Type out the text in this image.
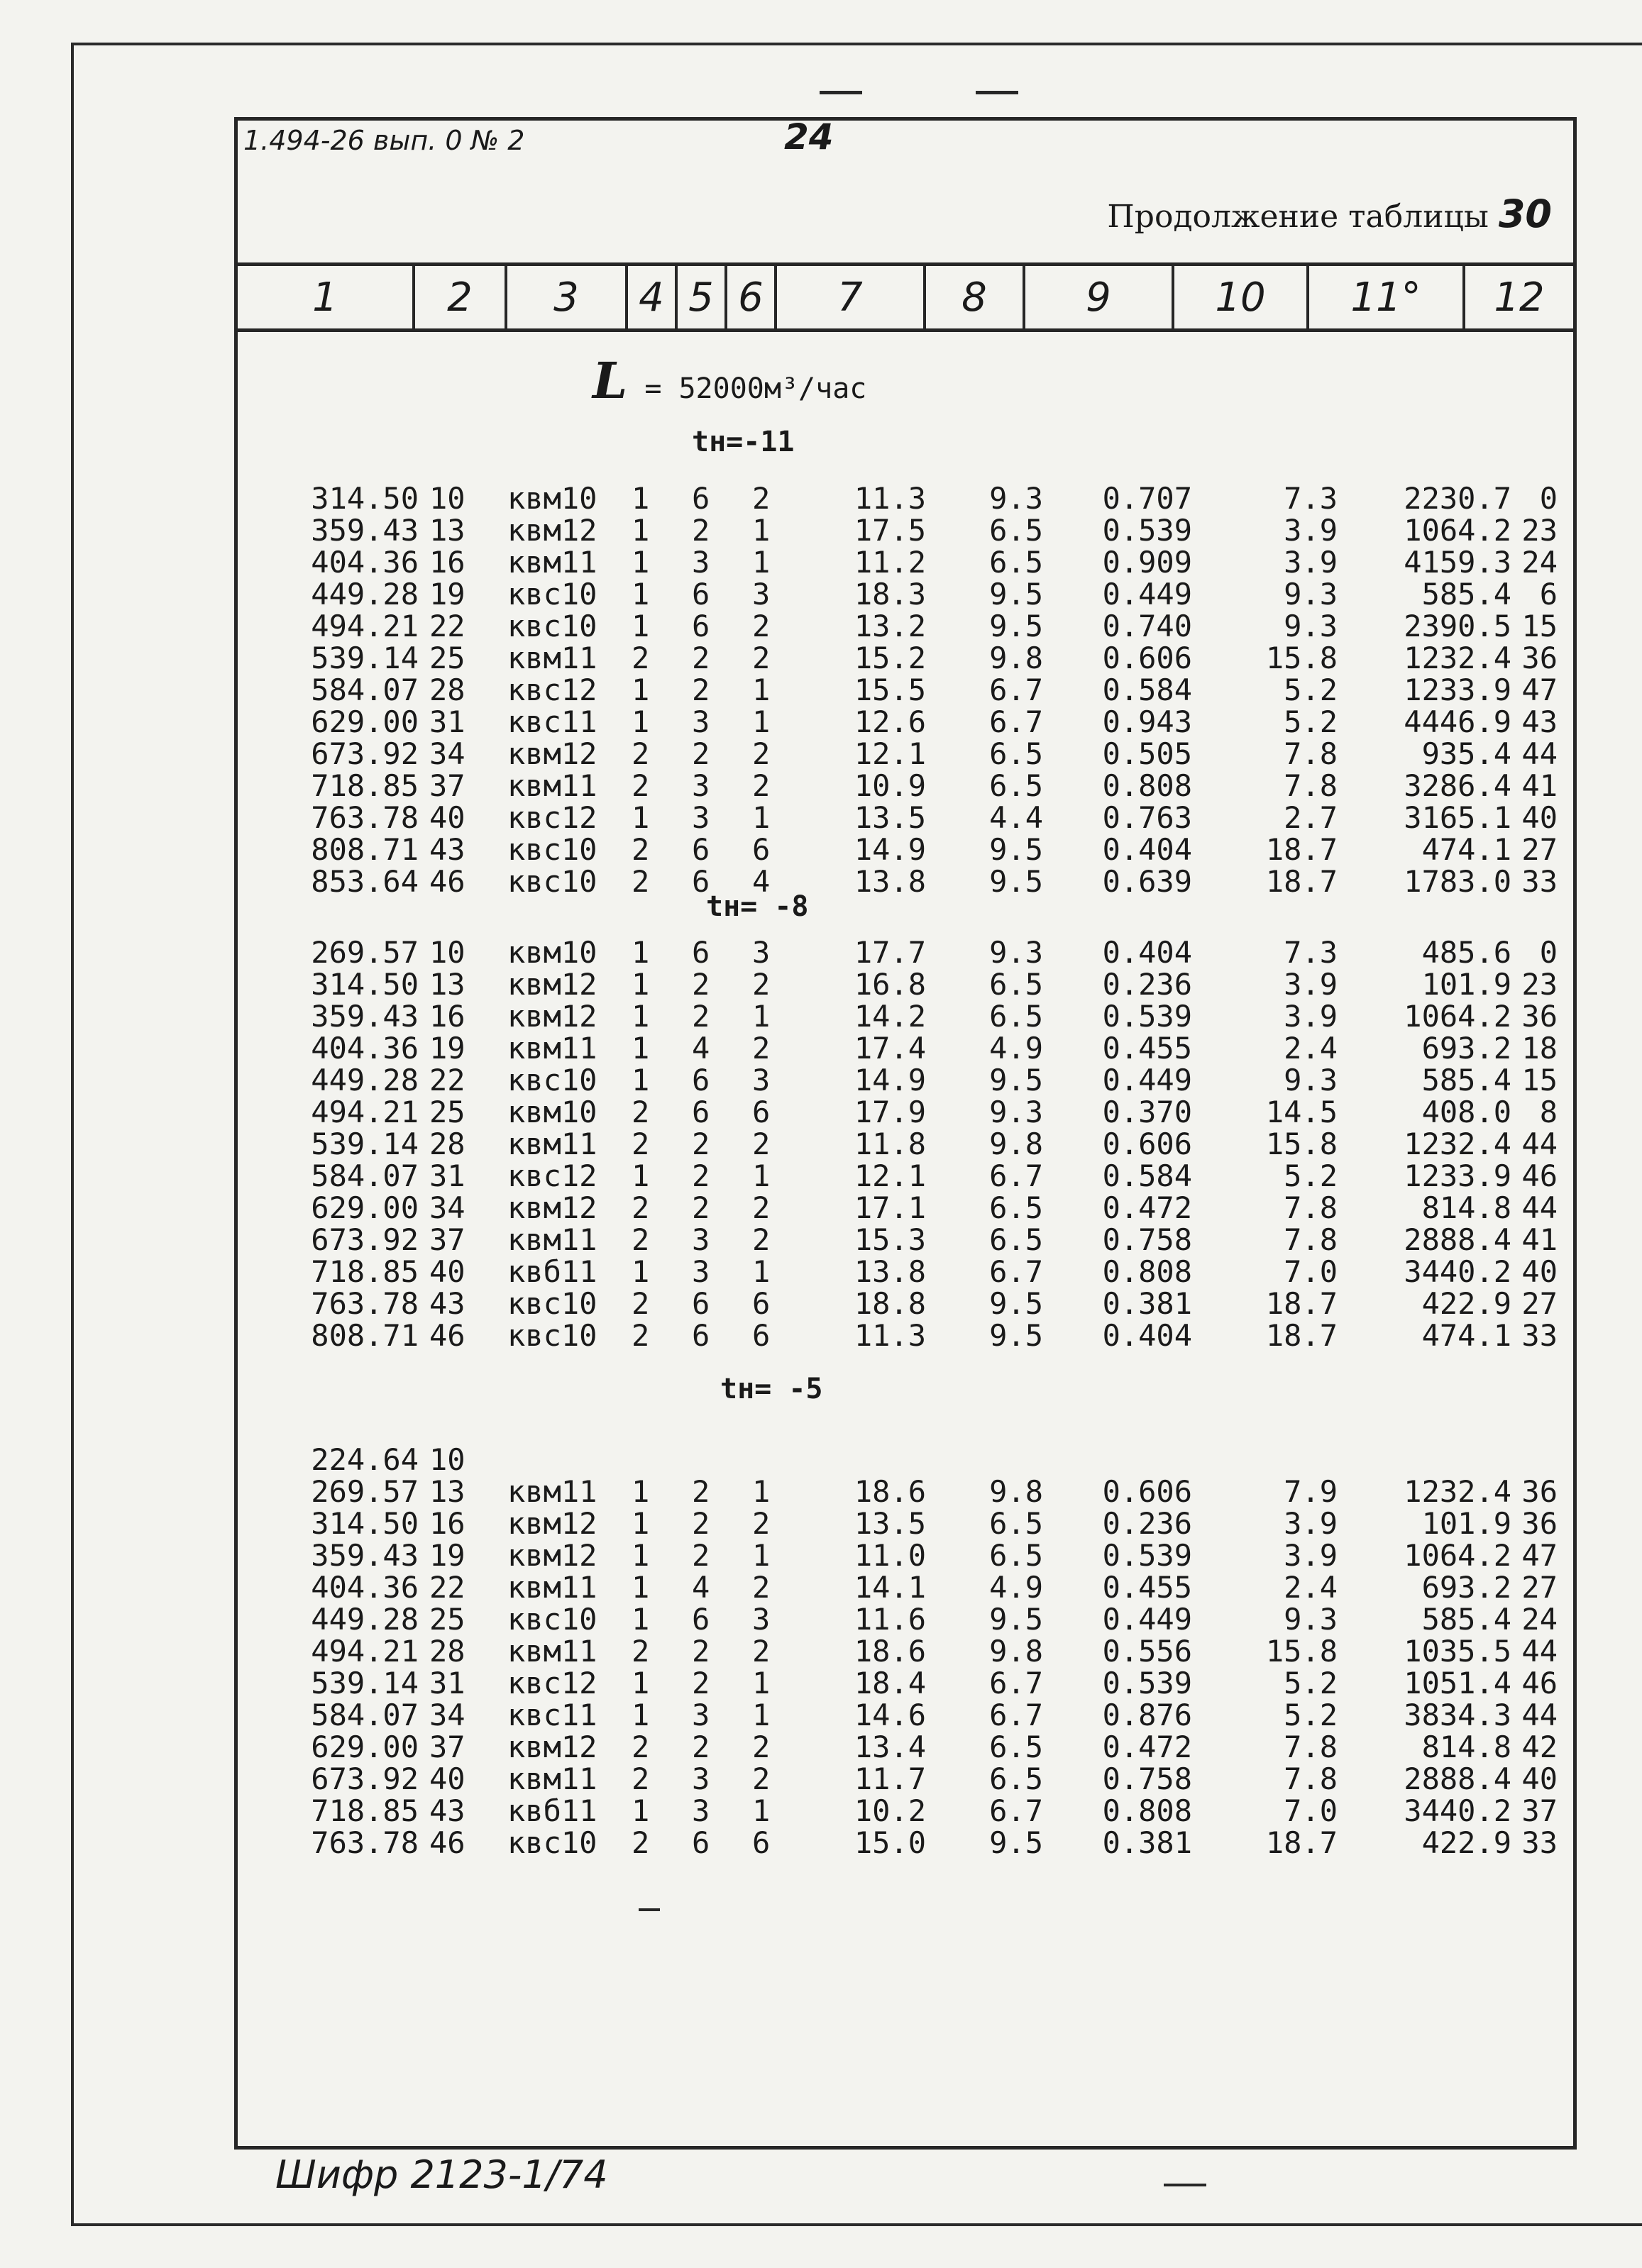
1.494-26 вып. 0 № 2	24
Продолжение таблицы 30
1	2	3	4 5 6	7	8	9	10	11°	12
L = 52000м³/час
tн=-11
314.50 10 квм10 1 6 2	11.3	9.3	0.707	7.3	2230.7 0
359.43 13 квм12 1 2 1	17.5	6.5	0.539	3.9	1064.2 23
404.36 16 квм11 1 3 1	11.2	6.5	0.909	3.9	4159.3 24
449.28 19 квс10 1 6 3	18.3	9.5	0.449	9.3	585.4 6
494.21 22 квс10 1 6 2	13.2	9.5	0.740	9.3	2390.5 15
539.14 25 квм11 2 2 2	15.2	9.8	0.606	15.8	1232.4 36
584.07 28 квс12 1 2 1	15.5	6.7	0.584	5.2	1233.9 47
629.00 31 квс11 1 3 1	12.6	6.7	0.943	5.2	4446.9 43
673.92 34 квм12 2 2 2	12.1	6.5	0.505	7.8	935.4 44
718.85 37 квм11 2 3 2	10.9	6.5	0.808	7.8	3286.4 41
763.78 40 квс12 1 3 1	13.5	4.4	0.763	2.7	3165.1 40
808.71 43 квс10 2 6 6	14.9	9.5	0.404	18.7	474.1 27
853.64 46 квс10 2 6 4	13.8	9.5	0.639	18.7	1783.0 33
tн= -8
269.57 10 квм10 1 6 3	17.7	9.3	0.404	7.3	485.6 0
314.50 13 квм12 1 2 2	16.8	6.5	0.236	3.9	101.9 23
359.43 16 квм12 1 2 1	14.2	6.5	0.539	3.9	1064.2 36
404.36 19 квм11 1 4 2	17.4	4.9	0.455	2.4	693.2 18
449.28 22 квс10 1 6 3	14.9	9.5	0.449	9.3	585.4 15
494.21 25 квм10 2 6 6	17.9	9.3	0.370	14.5	408.0 8
539.14 28 квм11 2 2 2	11.8	9.8	0.606	15.8	1232.4 44
584.07 31 квс12 1 2 1	12.1	6.7	0.584	5.2	1233.9 46
629.00 34 квм12 2 2 2	17.1	6.5	0.472	7.8	814.8 44
673.92 37 квм11 2 3 2	15.3	6.5	0.758	7.8	2888.4 41
718.85 40 квб11 1 3 1	13.8	6.7	0.808	7.0	3440.2 40
763.78 43 квс10 2 6 6	18.8	9.5	0.381	18.7	422.9 27
808.71 46 квс10 2 6 6	11.3	9.5	0.404	18.7	474.1 33
tн= -5
224.64 10
269.57 13 квм11 1 2 1	18.6	9.8	0.606	7.9	1232.4 36
314.50 16 квм12 1 2 2	13.5	6.5	0.236	3.9	101.9 36
359.43 19 квм12 1 2 1	11.0	6.5	0.539	3.9	1064.2 47
404.36 22 квм11 1 4 2	14.1	4.9	0.455	2.4	693.2 27
449.28 25 квс10 1 6 3	11.6	9.5	0.449	9.3	585.4 24
494.21 28 квм11 2 2 2	18.6	9.8	0.556	15.8	1035.5 44
539.14 31 квс12 1 2 1	18.4	6.7	0.539	5.2	1051.4 46
584.07 34 квс11 1 3 1	14.6	6.7	0.876	5.2	3834.3 44
629.00 37 квм12 2 2 2	13.4	6.5	0.472	7.8	814.8 42
673.92 40 квм11 2 3 2	11.7	6.5	0.758	7.8	2888.4 40
718.85 43 квб11 1 3 1	10.2	6.7	0.808	7.0	3440.2 37
763.78 46 квс10 2 6 6	15.0	9.5	0.381	18.7	422.9 33
Шифр 2123-1/74
